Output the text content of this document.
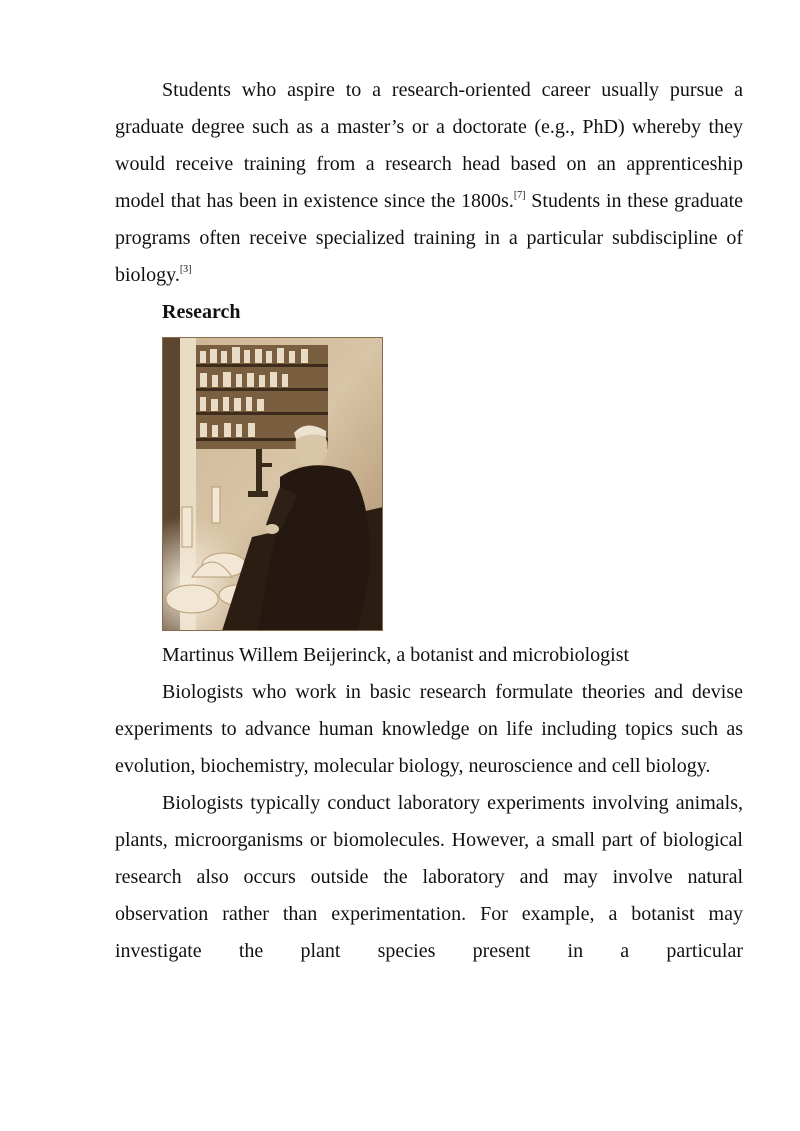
Students who aspire to a research-oriented career usually pursue a graduate degree such as a master’s or a doctorate (e.g., PhD) whereby they would receive training from a research head based on an apprenticeship model that has been in existence since the 1800s.[7] Students in these graduate programs often receive specialized training in a particular subdiscipline of biology.[3]

Research

Martinus Willem Beijerinck, a botanist and microbiologist

Biologists who work in basic research formulate theories and devise experiments to advance human knowledge on life including topics such as evolution, biochemistry, molecular biology, neuroscience and cell biology.

Biologists typically conduct laboratory experiments involving animals, plants, microorganisms or biomolecules. However, a small part of biological research also occurs outside the laboratory and may involve natural observation rather than experimentation. For example, a botanist may investigate the plant species present in a particular
